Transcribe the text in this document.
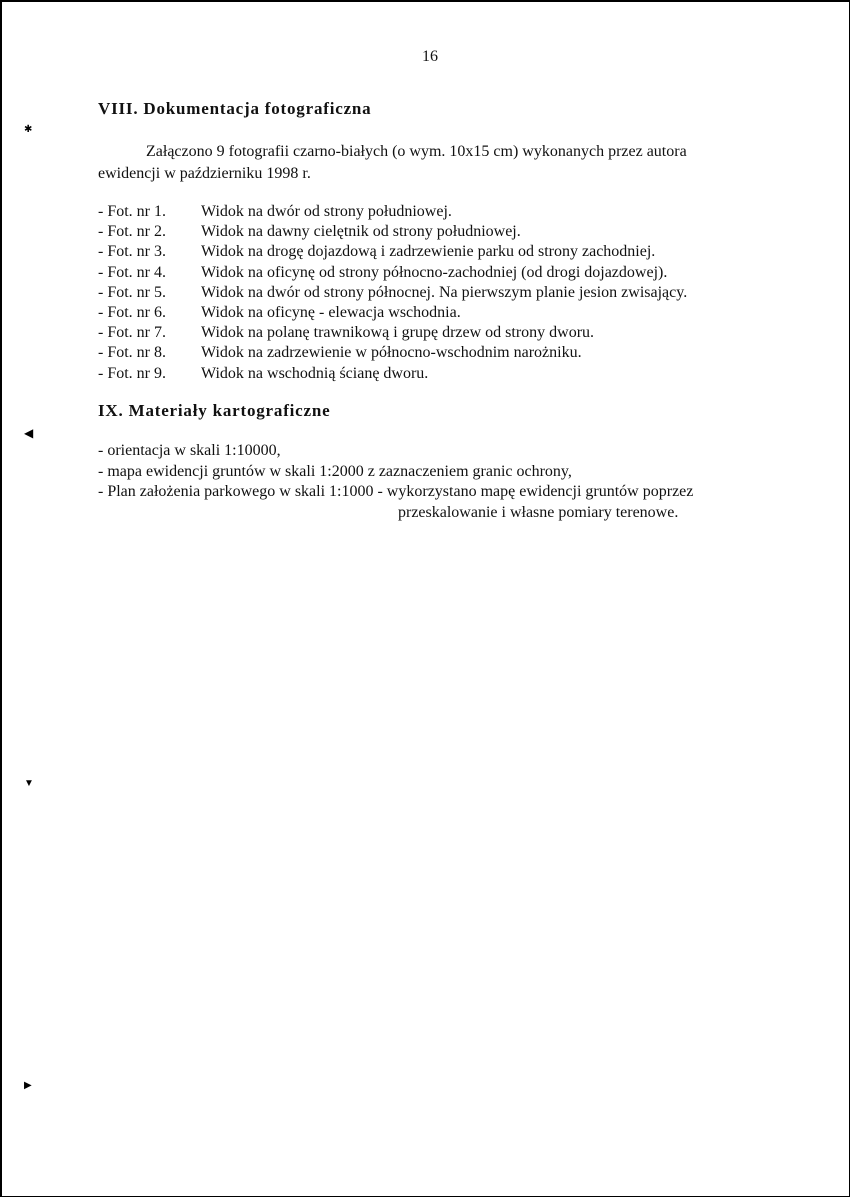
16
VIII. Dokumentacja fotograficzna

Załączono 9 fotografii czarno-białych (o wym. 10x15 cm) wykonanych przez autora
ewidencji w październiku 1998 r.

- Fot. nr 1. Widok na dwór od strony południowej.
- Fot. nr 2. Widok na dawny cielętnik od strony południowej.
- Fot. nr 3. Widok na drogę dojazdową i zadrzewienie parku od strony zachodniej.
- Fot. nr 4. Widok na oficynę od strony północno-zachodniej (od drogi dojazdowej).
- Fot. nr 5. Widok na dwór od strony północnej. Na pierwszym planie jesion zwisający.
- Fot. nr 6. Widok na oficynę - elewacja wschodnia.
- Fot. nr 7. Widok na polanę trawnikową i grupę drzew od strony dworu.
- Fot. nr 8. Widok na zadrzewienie w północno-wschodnim narożniku.
- Fot. nr 9. Widok na wschodnią ścianę dworu.
IX. Materiały kartograficzne
- orientacja w skali 1:10000,
- mapa ewidencji gruntów w skali 1:2000 z zaznaczeniem granic ochrony,
- Plan założenia parkowego w skali 1:1000 - wykorzystano mapę ewidencji gruntów poprzez
przeskalowanie i własne pomiary terenowe.
✱
◀
▼
▶
